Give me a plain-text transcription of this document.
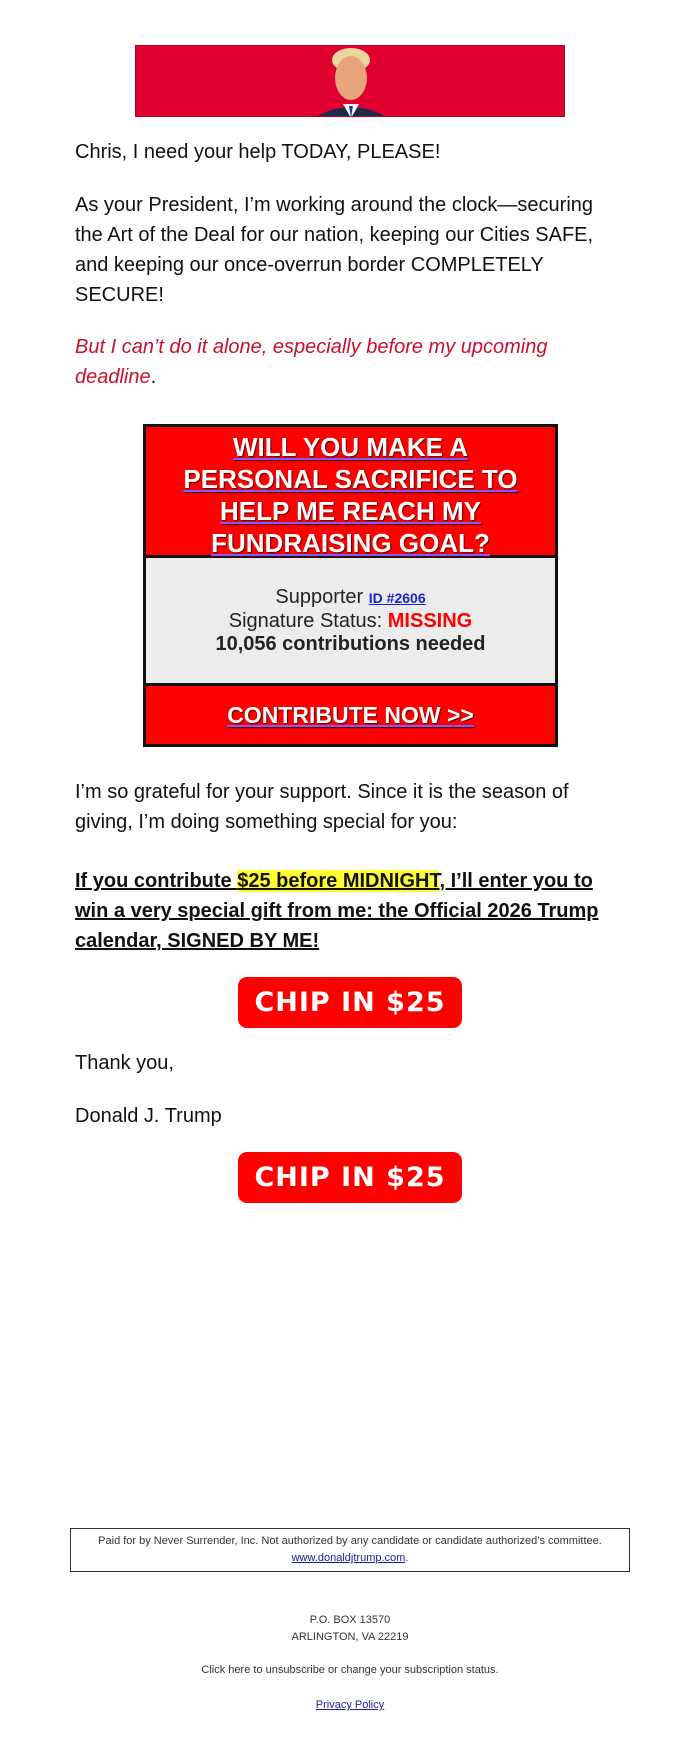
Chris, I need your help TODAY, PLEASE!

As your President, I’m working around the clock—securing the Art of the Deal for our nation, keeping our Cities SAFE, and keeping our once-overrun border COMPLETELY SECURE!

But I can’t do it alone, especially before my upcoming deadline.

WILL YOU MAKE A PERSONAL SACRIFICE TO HELP ME REACH MY FUNDRAISING GOAL?
Supporter ID #2606
Signature Status: MISSING
10,056 contributions needed
CONTRIBUTE NOW >>

I’m so grateful for your support. Since it is the season of giving, I’m doing something special for you:

If you contribute $25 before MIDNIGHT, I’ll enter you to win a very special gift from me: the Official 2026 Trump calendar, SIGNED BY ME!

CHIP IN $25

Thank you,

Donald J. Trump

CHIP IN $25
Paid for by Never Surrender, Inc. Not authorized by any candidate or candidate authorized’s committee.
www.donaldjtrump.com.
P.O. BOX 13570
ARLINGTON, VA 22219
Click here to unsubscribe or change your subscription status.
Privacy Policy
